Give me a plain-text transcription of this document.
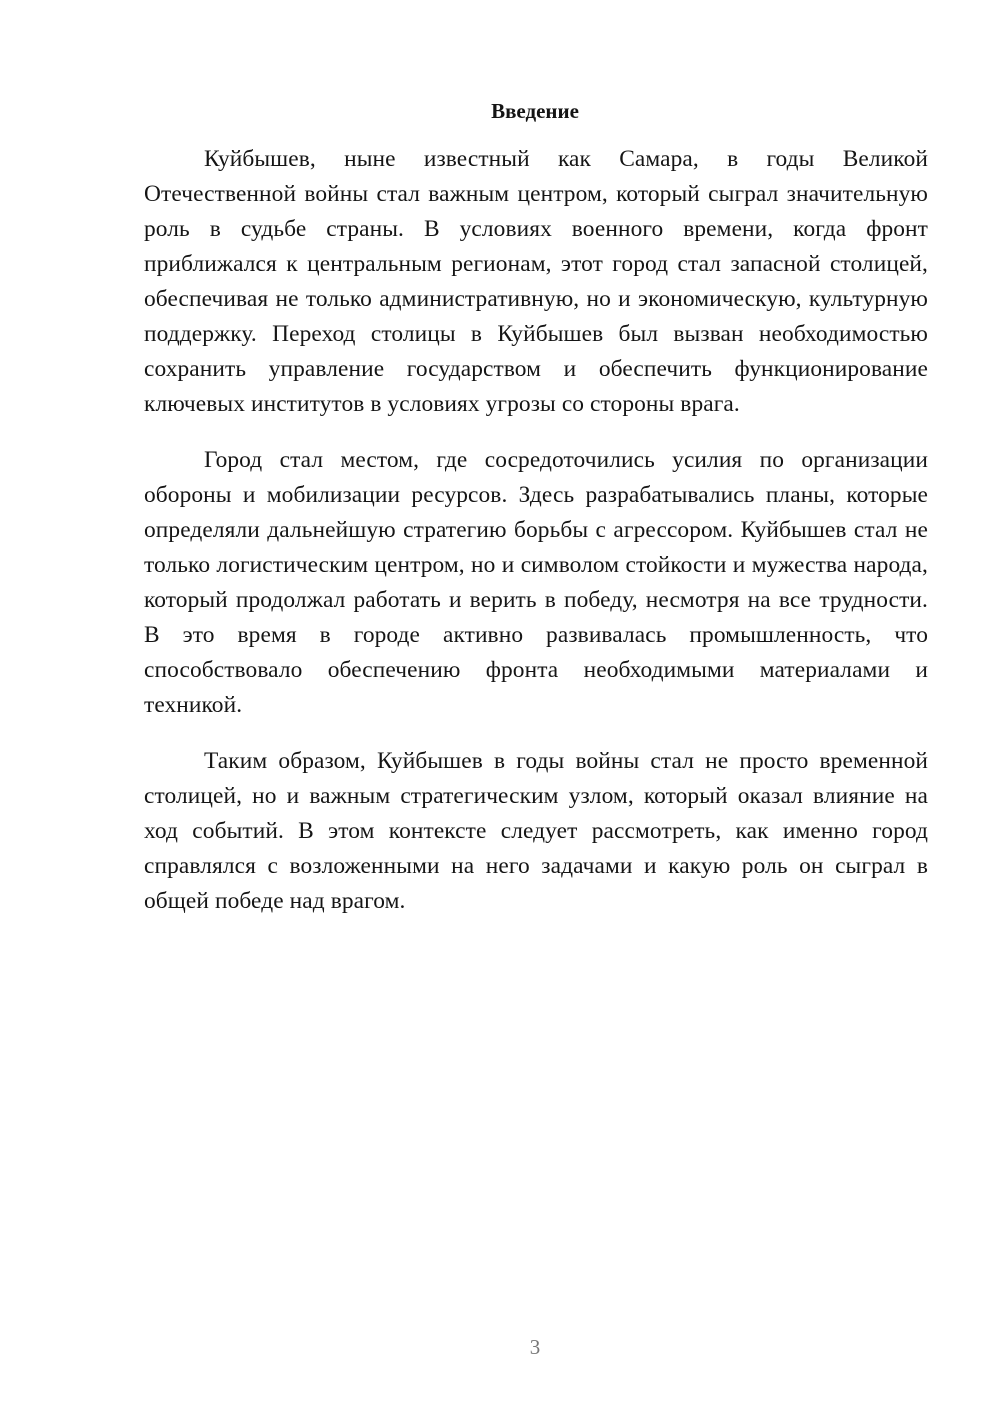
Введение

Куйбышев, ныне известный как Самара, в годы Великой Отечественной войны стал важным центром, который сыграл значительную роль в судьбе страны. В условиях военного времени, когда фронт приближался к центральным регионам, этот город стал запасной столицей, обеспечивая не только административную, но и экономическую, культурную поддержку. Переход столицы в Куйбышев был вызван необходимостью сохранить управление государством и обеспечить функционирование ключевых институтов в условиях угрозы со стороны врага.

Город стал местом, где сосредоточились усилия по организации обороны и мобилизации ресурсов. Здесь разрабатывались планы, которые определяли дальнейшую стратегию борьбы с агрессором. Куйбышев стал не только логистическим центром, но и символом стойкости и мужества народа, который продолжал работать и верить в победу, несмотря на все трудности. В это время в городе активно развивалась промышленность, что способствовало обеспечению фронта необходимыми материалами и техникой.

Таким образом, Куйбышев в годы войны стал не просто временной столицей, но и важным стратегическим узлом, который оказал влияние на ход событий. В этом контексте следует рассмотреть, как именно город справлялся с возложенными на него задачами и какую роль он сыграл в общей победе над врагом.

3
